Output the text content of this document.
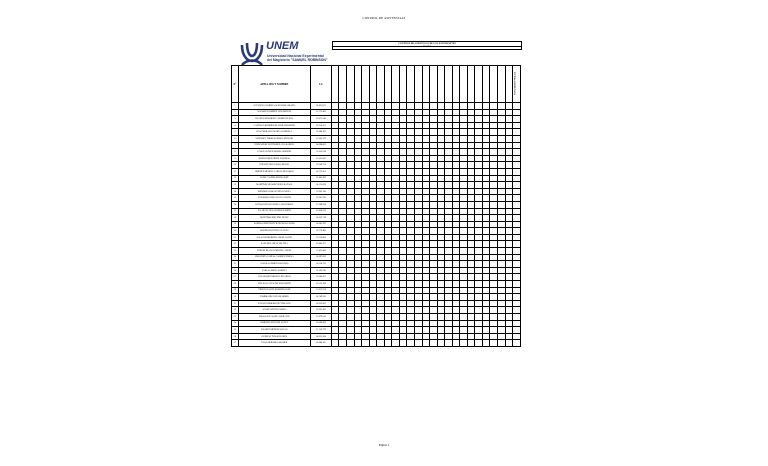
CONTROL DE ASISTENCIAS
UNEM
Universidad Nacional Experimental
del Magisterio "SAMUEL ROBINSON"
CONTROL DE ASISTENCIA DE LOS ESTUDIANTES
FECHA
N°	APELLIDO Y NOMBRE	C.I.																									TOTAL ASISTENCIA

1	ACEVEDO CABRERA ALEJANDRA MARÍA	14.455.871																									
2	ÁLVAREZ RAMÍREZ LUIS MIGUEL	15.773.402																									
3	BLANCO MÁRQUEZ CARMEN ELENA	13.971.540																									
4	CASTILLO RODRÍGUEZ JOSÉ GREGORIO	16.214.337																									
5	DÍAZ MORALES MARÍA GABRIELA	12.884.105																									
6	ESPINOZA TORRES PEDRO ANTONIO	17.003.219																									
7	FERNÁNDEZ GUTIÉRREZ ANA KARINA	14.908.662																									
8	GARCÍA LÓPEZ MARIO ALBERTO	11.562.918																									
9	HERNÁNDEZ PÉREZ YOLIMAR	15.331.087																									
10	INFANTE SILVA ROSA MARÍA	13.208.774																									
11	JIMÉNEZ MEDINA CARLOS EDUARDO	16.770.451																									
12	LEÓN CASTRO MARÍA JOSÉ	12.445.309																									
13	MARTÍNEZ SUÁREZ JESÚS RAFAEL	14.115.826																									
14	MENDOZA ROJAS LUISA ELENA	15.902.143																									
15	NAVARRO PARRA JUAN CARLOS	13.667.590																									
16	OCHOA RIVAS DANIELA ALEJANDRA	17.289.034																									
17	PACHECO VILLALOBOS RAMÓN	11.908.276																									
18	QUINTERO BRICEÑO NELLY	14.632.718																									
19	RAMOS GONZÁLEZ FRANCISCO JAVIER	16.041.595																									
20	RODRÍGUEZ PEÑA GLADYS	12.776.483																									
21	SALAZAR MORENO ÁNGEL DAVID	15.514.960																									
22	SÁNCHEZ ARIAS YELITZA	13.845.227																									
23	TORRES BLANCO MIGUEL ÁNGEL	17.431.806																									
24	URDANETA FARÍAS CARMEN TERESA	14.287.659																									
25	VALERA GÓMEZ OSWALDO	16.556.312																									
26	VARGAS MEJÍA LORENA	12.193.745																									
27	VELÁSQUEZ MOLINA RICARDO	15.068.421																									
28	VILLEGAS CHACÓN ELIZABETH	13.520.198																									
29	YÉPEZ DUARTE ROBERTO JOSÉ	17.812.074																									
30	ZAMBRANO LUNA MARIBEL	14.749.530																									
31	ZAPATA ROMERO HÉCTOR LUIS	16.325.887																									
32	ACOSTA PINTO GLORIA	12.601.432																									
33	BRAVO ESCALONA JOSÉ LUIS	15.879.016																									
34	CORDERO LINARES NANCY	13.394.268																									
35	DUARTE MÉNDEZ OSCAR	17.150.739																									
36	GUZMÁN TOVAR ISABEL	14.023.584																									
37	LUGO HERRERA WILMER	16.688.105																									
Página 1
